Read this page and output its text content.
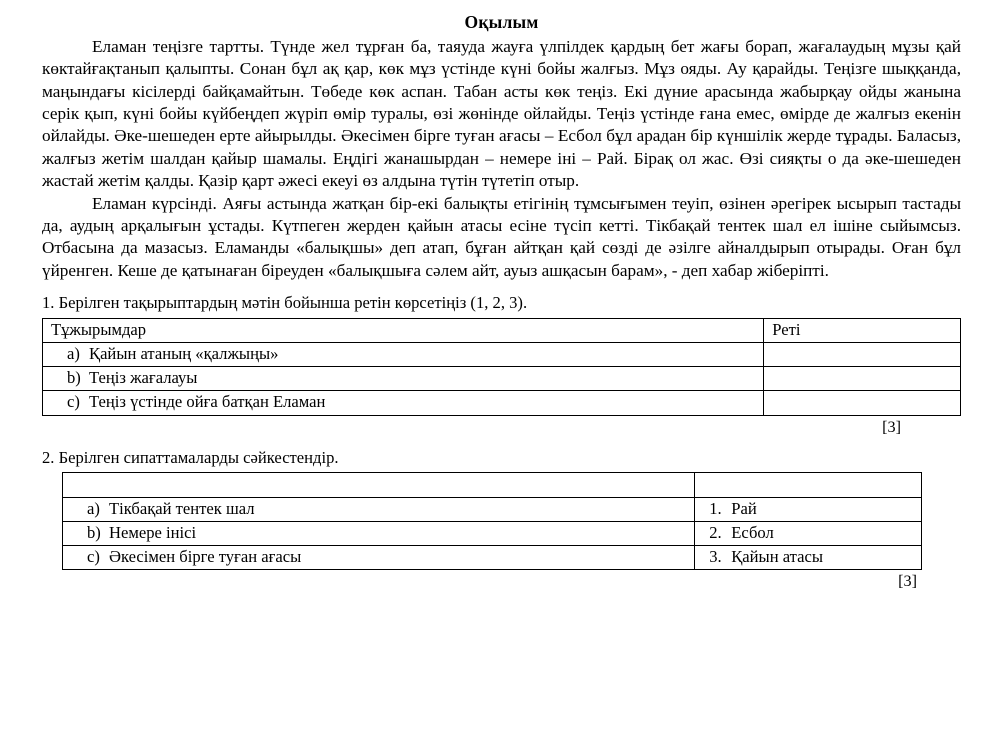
Оқылым

Еламан теңізге тартты. Түнде жел тұрған ба, таяуда жауға үлпілдек қардың бет жағы борап, жағалаудың мұзы қай көктайғақтанып қалыпты. Сонан бұл ақ қар, көк мұз үстінде күні бойы жалғыз. Мұз ояды. Ау қарайды. Теңізге шыққанда, маңындағы кісілерді байқамайтын. Төбеде көк аспан. Табан асты көк теңіз. Екі дүние арасында жабырқау ойды жанына серік қып, күні бойы күйбеңдеп жүріп өмір туралы, өзі жөнінде ойлайды. Теңіз үстінде ғана емес, өмірде де жалғыз екенін ойлайды. Әке-шешеден ерте айырылды. Әкесімен бірге туған ағасы – Есбол бұл арадан бір күншілік жерде тұрады. Баласыз, жалғыз жетім шалдан қайыр шамалы. Еңдігі жанашырдан – немере іні – Рай. Бірақ ол жас. Өзі сияқты о да әке-шешеден жастай жетім қалды. Қазір қарт әжесі екеуі өз алдына түтін түтетіп отыр.

Еламан күрсінді. Аяғы астында жатқан бір-екі балықты етігінің тұмсығымен теуіп, өзінен әрегірек ысырып тастады да, аудың арқалығын ұстады. Күтпеген жерден қайын атасы есіне түсіп кетті. Тікбақай тентек шал ел ішіне сыйымсыз. Отбасына да мазасыз. Еламанды «балықшы» деп атап, бұған айтқан қай сөзді де әзілге айналдырып отырады. Оған бұл үйренген. Кеше де қатынаған біреуден «балықшыға сәлем айт, ауыз ашқасын барам», - деп хабар жіберіпті.

1. Берілген тақырыптардың мәтін бойынша ретін көрсетіңіз (1, 2, 3).
Тұжырымдар	Реті
a) Қайын атаның «қалжыңы»	
b) Теңіз жағалауы	
c) Теңіз үстінде ойға батқан Еламан	
[3]
2. Берілген сипаттамаларды сәйкестендір.

a) Тікбақай тентек шал	1. Рай
b) Немере інісі	2. Есбол
c) Әкесімен бірге туған ағасы	3. Қайын атасы
[3]
